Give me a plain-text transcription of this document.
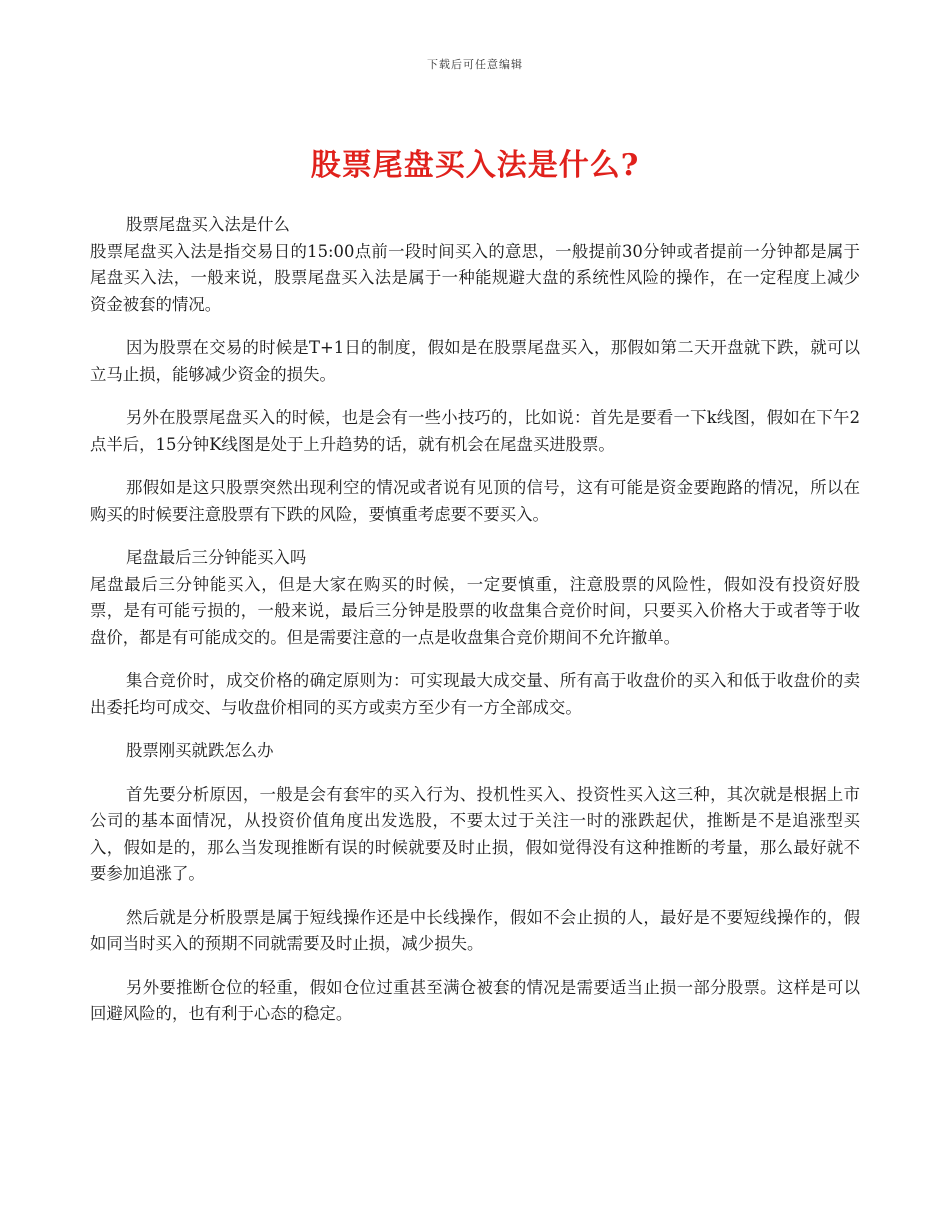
下载后可任意编辑
股票尾盘买入法是什么?

股票尾盘买入法是什么

股票尾盘买入法是指交易日的15:00点前一段时间买入的意思，一般提前30分钟或者提前一分钟都是属于尾盘买入法，一般来说，股票尾盘买入法是属于一种能规避大盘的系统性风险的操作，在一定程度上减少资金被套的情况。

因为股票在交易的时候是T+1日的制度，假如是在股票尾盘买入，那假如第二天开盘就下跌，就可以立马止损，能够减少资金的损失。

另外在股票尾盘买入的时候，也是会有一些小技巧的，比如说：首先是要看一下k线图，假如在下午2点半后，15分钟K线图是处于上升趋势的话，就有机会在尾盘买进股票。

那假如是这只股票突然出现利空的情况或者说有见顶的信号，这有可能是资金要跑路的情况，所以在购买的时候要注意股票有下跌的风险，要慎重考虑要不要买入。

尾盘最后三分钟能买入吗

尾盘最后三分钟能买入，但是大家在购买的时候，一定要慎重，注意股票的风险性，假如没有投资好股票，是有可能亏损的，一般来说，最后三分钟是股票的收盘集合竞价时间，只要买入价格大于或者等于收盘价，都是有可能成交的。但是需要注意的一点是收盘集合竞价期间不允许撤单。

集合竞价时，成交价格的确定原则为：可实现最大成交量、所有高于收盘价的买入和低于收盘价的卖出委托均可成交、与收盘价相同的买方或卖方至少有一方全部成交。

股票刚买就跌怎么办

首先要分析原因，一般是会有套牢的买入行为、投机性买入、投资性买入这三种，其次就是根据上市公司的基本面情况，从投资价值角度出发选股，不要太过于关注一时的涨跌起伏，推断是不是追涨型买入，假如是的，那么当发现推断有误的时候就要及时止损，假如觉得没有这种推断的考量，那么最好就不要参加追涨了。

然后就是分析股票是属于短线操作还是中长线操作，假如不会止损的人，最好是不要短线操作的，假如同当时买入的预期不同就需要及时止损，减少损失。

另外要推断仓位的轻重，假如仓位过重甚至满仓被套的情况是需要适当止损一部分股票。这样是可以回避风险的，也有利于心态的稳定。
